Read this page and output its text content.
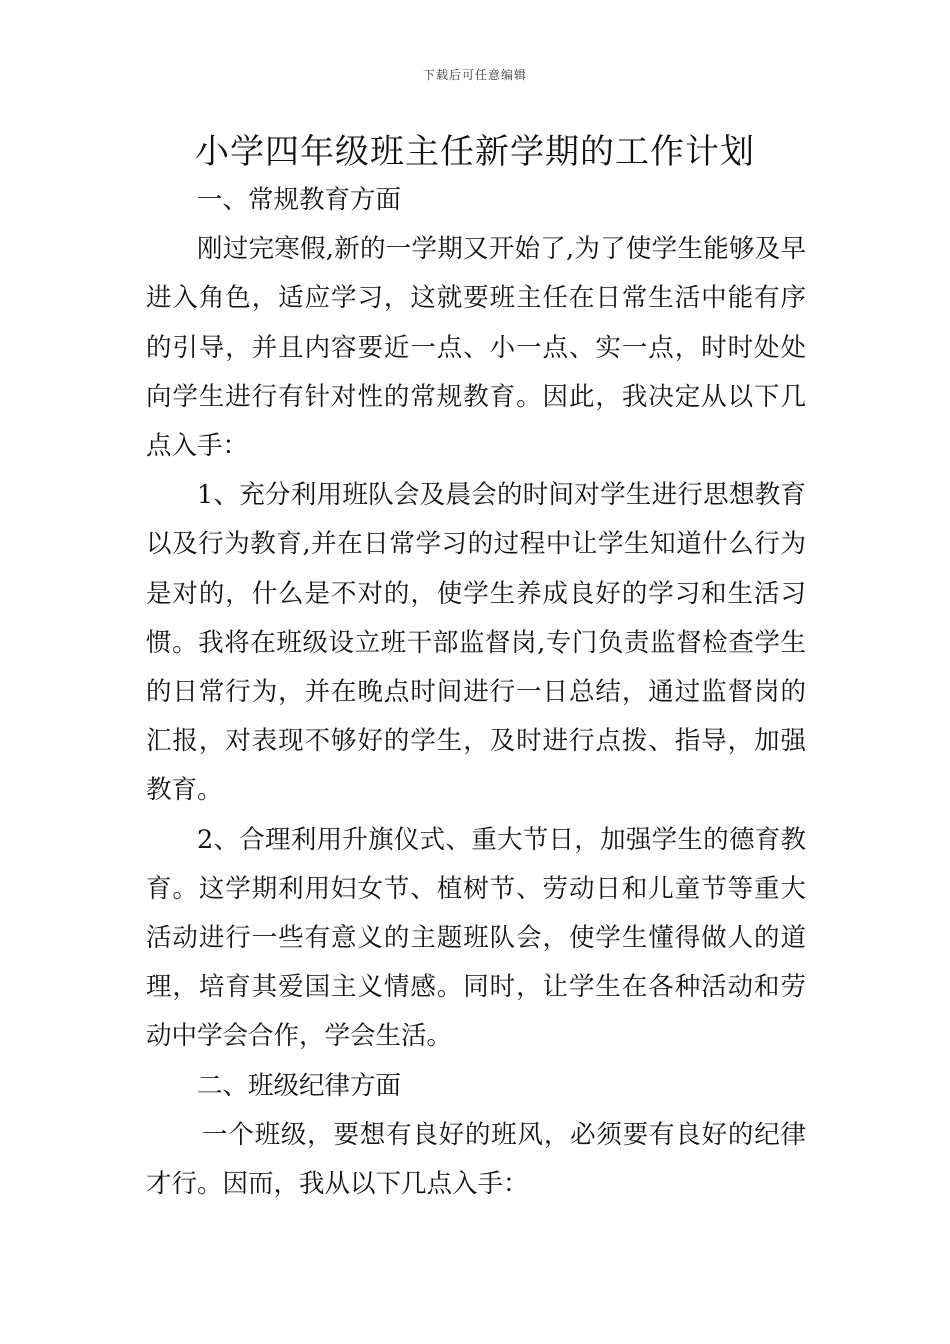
下载后可任意编辑
小学四年级班主任新学期的工作计划

一、常规教育方面

刚过完寒假,新的一学期又开始了,为了使学生能够及早进入角色，适应学习，这就要班主任在日常生活中能有序的引导，并且内容要近一点、小一点、实一点，时时处处向学生进行有针对性的常规教育。因此，我决定从以下几点入手：

1、充分利用班队会及晨会的时间对学生进行思想教育以及行为教育,并在日常学习的过程中让学生知道什么行为是对的，什么是不对的，使学生养成良好的学习和生活习惯。我将在班级设立班干部监督岗,专门负责监督检查学生的日常行为，并在晚点时间进行一日总结，通过监督岗的汇报，对表现不够好的学生，及时进行点拨、指导，加强教育。

2、合理利用升旗仪式、重大节日，加强学生的德育教育。这学期利用妇女节、植树节、劳动日和儿童节等重大活动进行一些有意义的主题班队会，使学生懂得做人的道理，培育其爱国主义情感。同时，让学生在各种活动和劳动中学会合作，学会生活。

二、班级纪律方面

一个班级，要想有良好的班风，必须要有良好的纪律才行。因而，我从以下几点入手：
